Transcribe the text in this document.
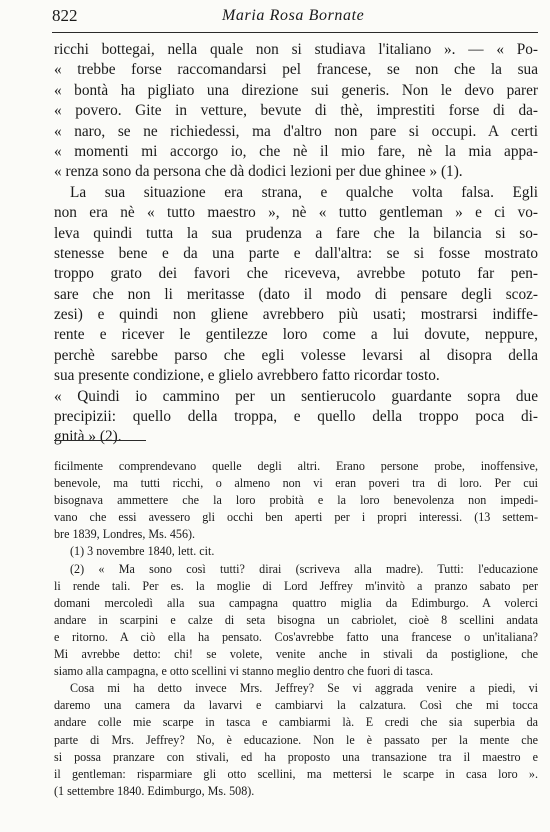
822	Maria Rosa Bornate
ricchi bottegai, nella quale non si studiava l'italiano ». — « Po-
« trebbe forse raccomandarsi pel francese, se non che la sua
« bontà ha pigliato una direzione sui generis. Non le devo parer
« povero. Gite in vetture, bevute di thè, imprestiti forse di da-
« naro, se ne richiedessi, ma d'altro non pare si occupi. A certi
« momenti mi accorgo io, che nè il mio fare, nè la mia appa-
« renza sono da persona che dà dodici lezioni per due ghinee » (1).
La sua situazione era strana, e qualche volta falsa. Egli
non era nè « tutto maestro », nè « tutto gentleman » e ci vo-
leva quindi tutta la sua prudenza a fare che la bilancia si so-
stenesse bene e da una parte e dall'altra: se si fosse mostrato
troppo grato dei favori che riceveva, avrebbe potuto far pen-
sare che non li meritasse (dato il modo di pensare degli scoz-
zesi) e quindi non gliene avrebbero più usati; mostrarsi indiffe-
rente e ricever le gentilezze loro come a lui dovute, neppure,
perchè sarebbe parso che egli volesse levarsi al disopra della
sua presente condizione, e glielo avrebbero fatto ricordar tosto.
« Quindi io cammino per un sentierucolo guardante sopra due
precipizii: quello della troppa, e quello della troppo poca di-
gnità » (2).
ficilmente comprendevano quelle degli altri. Erano persone probe, inoffensive,
benevole, ma tutti ricchi, o almeno non vi eran poveri tra di loro. Per cui
bisognava ammettere che la loro probità e la loro benevolenza non impedi-
vano che essi avessero gli occhi ben aperti per i propri interessi. (13 settem-
bre 1839, Londres, Ms. 456).
(1) 3 novembre 1840, lett. cit.
(2) « Ma sono così tutti? dirai (scriveva alla madre). Tutti: l'educazione
li rende tali. Per es. la moglie di Lord Jeffrey m'invitò a pranzo sabato per
domani mercoledì alla sua campagna quattro miglia da Edimburgo. A volerci
andare in scarpini e calze di seta bisogna un cabriolet, cioè 8 scellini andata
e ritorno. A ciò ella ha pensato. Cos'avrebbe fatto una francese o un'italiana?
Mi avrebbe detto: chi! se volete, venite anche in stivali da postiglione, che
siamo alla campagna, e otto scellini vi stanno meglio dentro che fuori di tasca.
Cosa mi ha detto invece Mrs. Jeffrey? Se vi aggrada venire a piedi, vi
daremo una camera da lavarvi e cambiarvi la calzatura. Così che mi tocca
andare colle mie scarpe in tasca e cambiarmi là. E credi che sia superbia da
parte di Mrs. Jeffrey? No, è educazione. Non le è passato per la mente che
si possa pranzare con stivali, ed ha proposto una transazione tra il maestro e
il gentleman: risparmiare gli otto scellini, ma mettersi le scarpe in casa loro ».
(1 settembre 1840. Edimburgo, Ms. 508).
